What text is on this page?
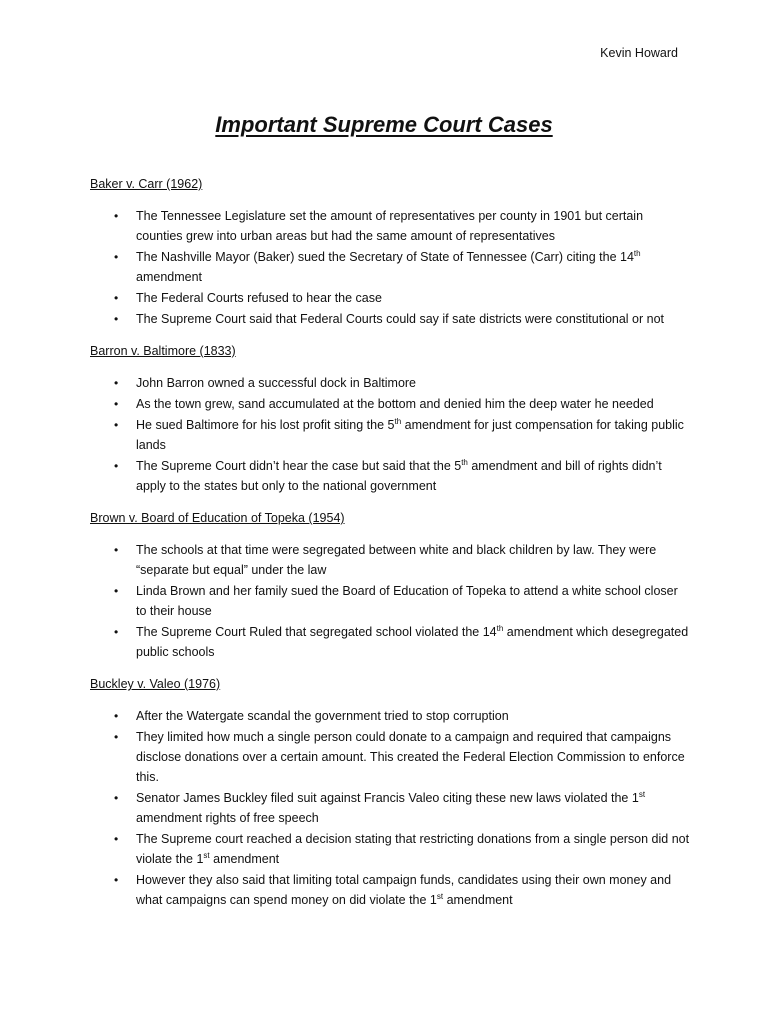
Kevin Howard
Important Supreme Court Cases
Baker v. Carr (1962)
• The Tennessee Legislature set the amount of representatives per county in 1901 but certain counties grew into urban areas but had the same amount of representatives
• The Nashville Mayor (Baker) sued the Secretary of State of Tennessee (Carr) citing the 14th amendment
• The Federal Courts refused to hear the case
• The Supreme Court said that Federal Courts could say if sate districts were constitutional or not
Barron v. Baltimore (1833)
• John Barron owned a successful dock in Baltimore
• As the town grew, sand accumulated at the bottom and denied him the deep water he needed
• He sued Baltimore for his lost profit siting the 5th amendment for just compensation for taking public lands
• The Supreme Court didn’t hear the case but said that the 5th amendment and bill of rights didn’t apply to the states but only to the national government
Brown v. Board of Education of Topeka (1954)
• The schools at that time were segregated between white and black children by law. They were “separate but equal” under the law
• Linda Brown and her family sued the Board of Education of Topeka to attend a white school closer to their house
• The Supreme Court Ruled that segregated school violated the 14th amendment which desegregated public schools
Buckley v. Valeo (1976)
• After the Watergate scandal the government tried to stop corruption
• They limited how much a single person could donate to a campaign and required that campaigns disclose donations over a certain amount. This created the Federal Election Commission to enforce this.
• Senator James Buckley filed suit against Francis Valeo citing these new laws violated the 1st amendment rights of free speech
• The Supreme court reached a decision stating that restricting donations from a single person did not violate the 1st amendment
• However they also said that limiting total campaign funds, candidates using their own money and what campaigns can spend money on did violate the 1st amendment
